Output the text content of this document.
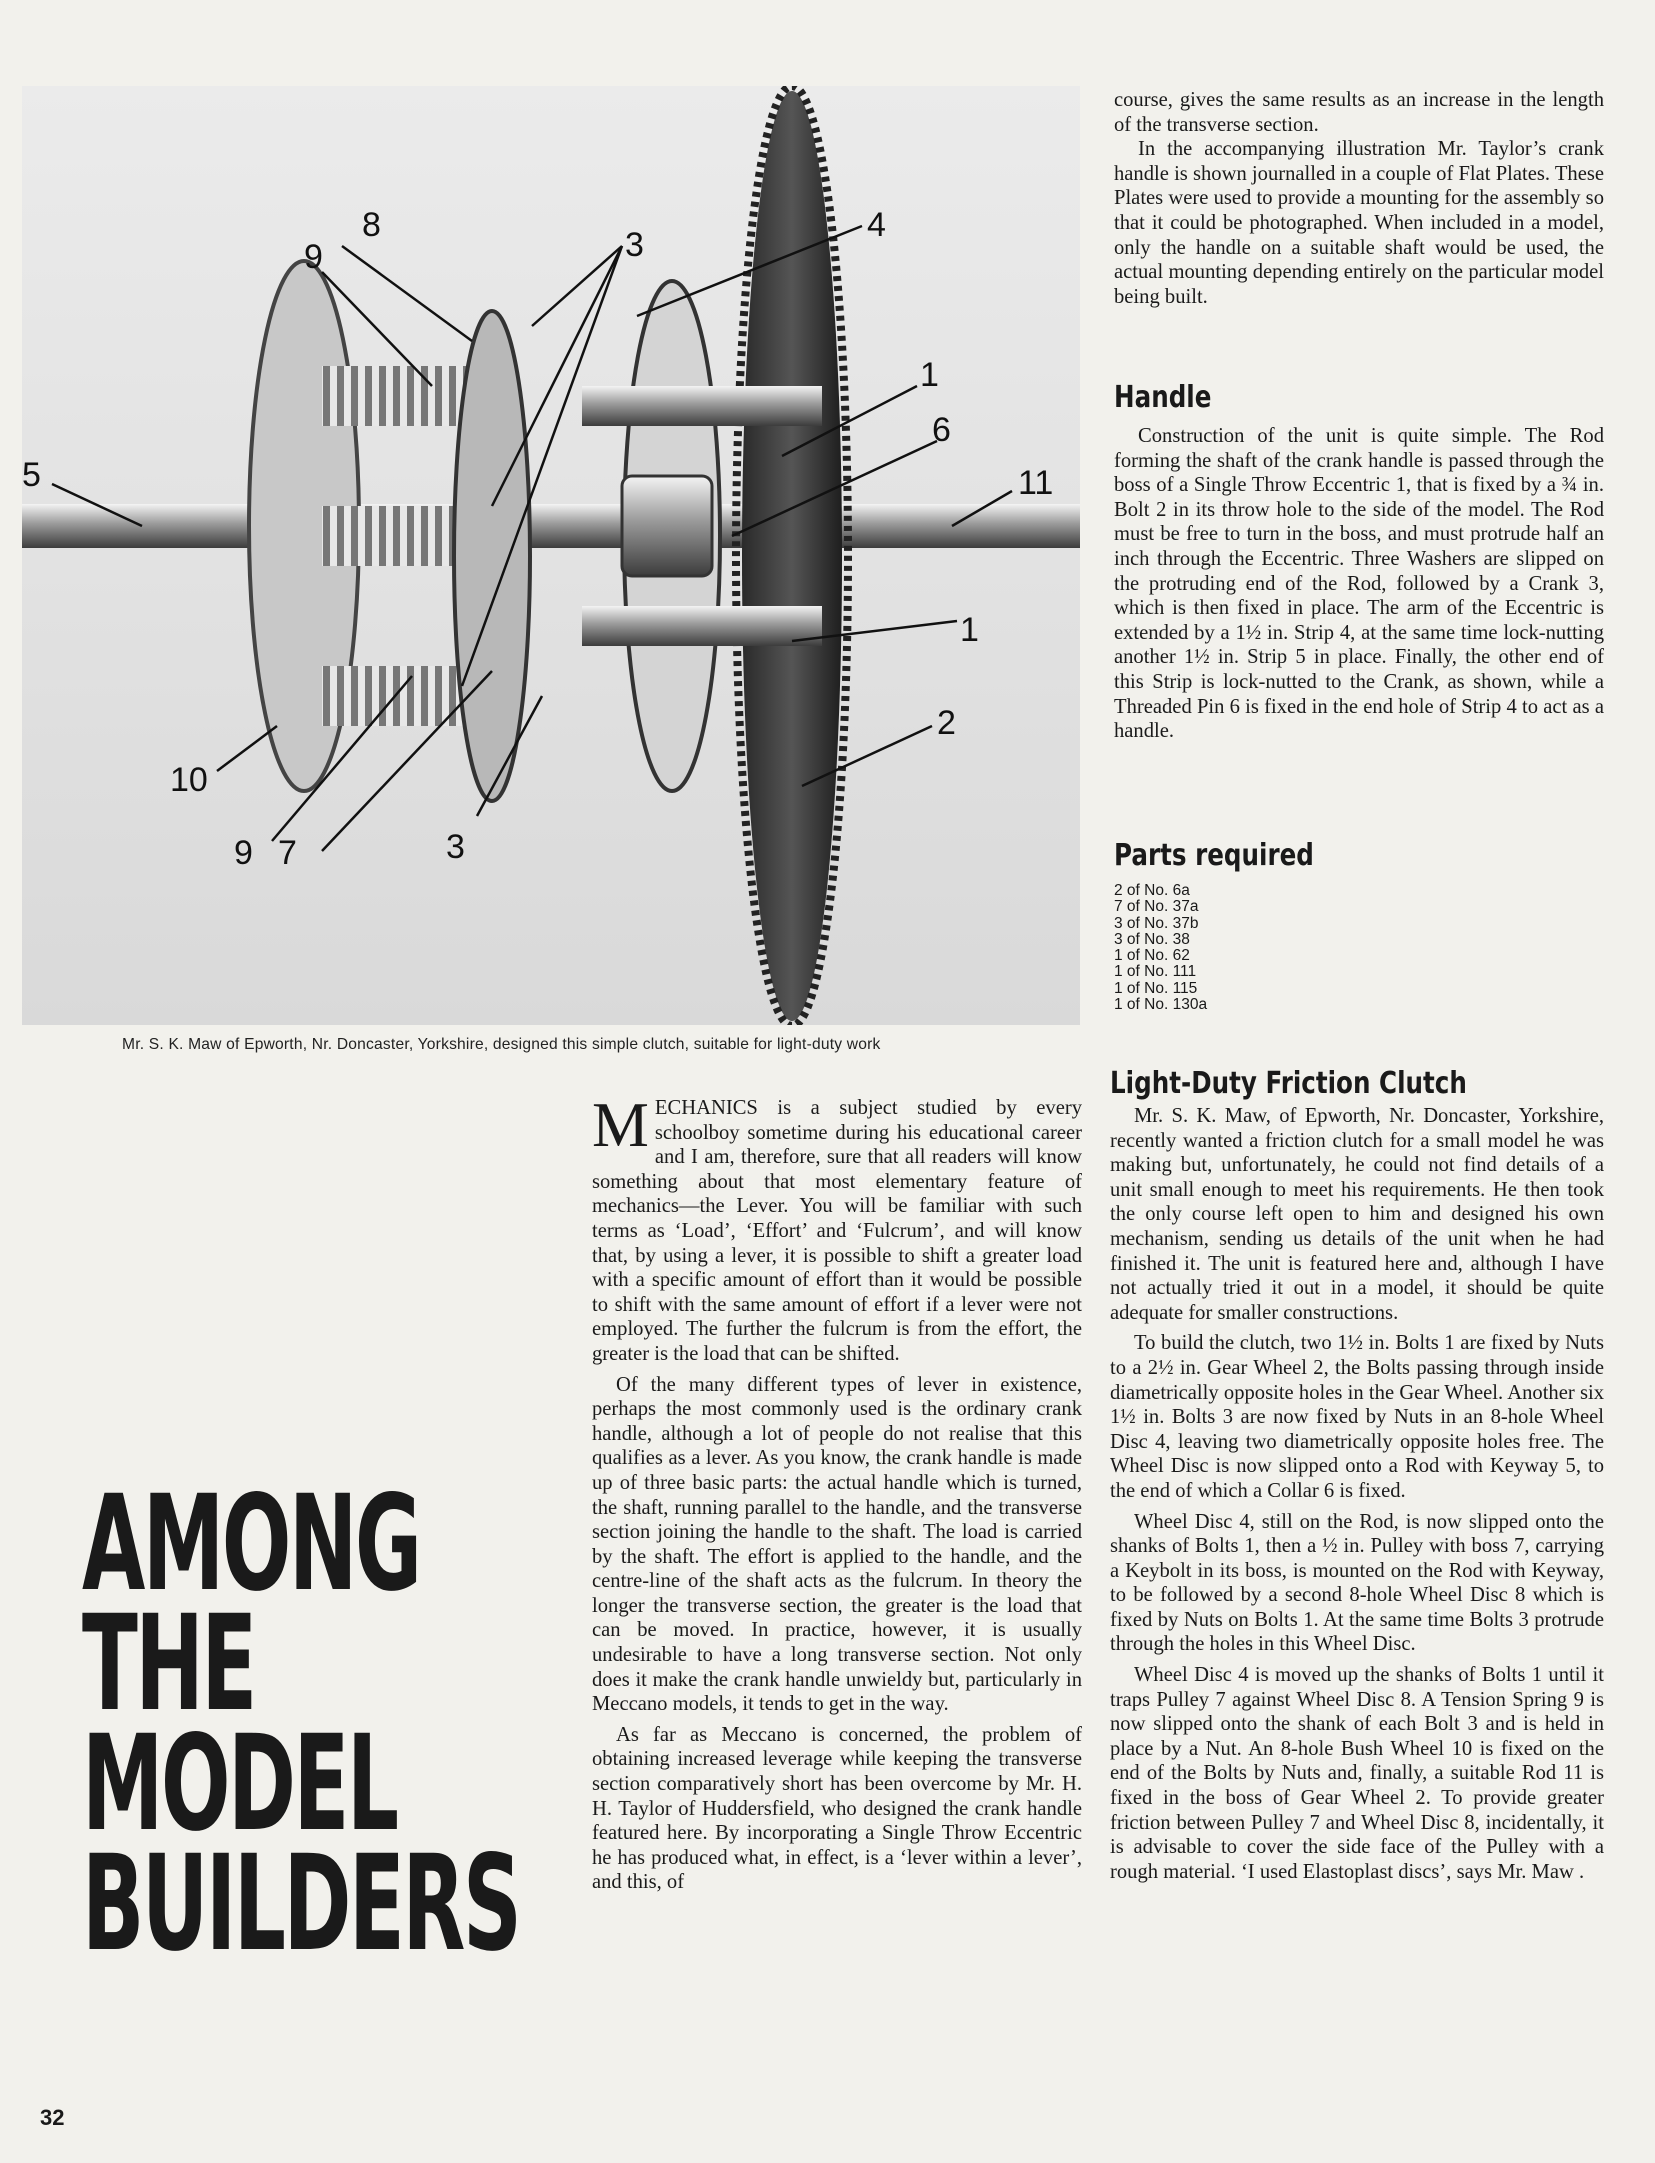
8
9	3
4
1
6
5	11
1
2
10
9 7	3
Mr. S. K. Maw of Epworth, Nr. Doncaster, Yorkshire, designed this simple clutch, suitable for light-duty work

course, gives the same results as an increase in the length of the transverse section.

In the accompanying illustration Mr. Taylor’s crank handle is shown journalled in a couple of Flat Plates. These Plates were used to provide a mounting for the assembly so that it could be photographed. When included in a model, only the handle on a suitable shaft would be used, the actual mounting depending entirely on the particular model being built.

Handle

Construction of the unit is quite simple. The Rod forming the shaft of the crank handle is passed through the boss of a Single Throw Eccentric 1, that is fixed by a ¾ in. Bolt 2 in its throw hole to the side of the model. The Rod must be free to turn in the boss, and must protrude half an inch through the Eccentric. Three Washers are slipped on the protruding end of the Rod, followed by a Crank 3, which is then fixed in place. The arm of the Eccentric is extended by a 1½ in. Strip 4, at the same time lock-nutting another 1½ in. Strip 5 in place. Finally, the other end of this Strip is lock-nutted to the Crank, as shown, while a Threaded Pin 6 is fixed in the end hole of Strip 4 to act as a handle.

Parts required
2 of No. 6a
7 of No. 37a
3 of No. 37b
3 of No. 38
1 of No. 62
1 of No. 111
1 of No. 115
1 of No. 130a

MECHANICS is a subject studied by every schoolboy sometime during his educational career and I am, therefore, sure that all readers will know something about that most elementary feature of mechanics—the Lever. You will be familiar with such terms as ‘Load’, ‘Effort’ and ‘Fulcrum’, and will know that, by using a lever, it is possible to shift a greater load with a specific amount of effort than it would be possible to shift with the same amount of effort if a lever were not employed. The further the fulcrum is from the effort, the greater is the load that can be shifted.

Of the many different types of lever in existence, perhaps the most commonly used is the ordinary crank handle, although a lot of people do not realise that this qualifies as a lever. As you know, the crank handle is made up of three basic parts: the actual handle which is turned, the shaft, running parallel to the handle, and the transverse section joining the handle to the shaft. The load is carried by the shaft. The effort is applied to the handle, and the centre-line of the shaft acts as the fulcrum. In theory the longer the transverse section, the greater is the load that can be moved. In practice, however, it is usually undesirable to have a long transverse section. Not only does it make the crank handle unwieldy but, particularly in Meccano models, it tends to get in the way.

As far as Meccano is concerned, the problem of obtaining increased leverage while keeping the transverse section comparatively short has been overcome by Mr. H. H. Taylor of Huddersfield, who designed the crank handle featured here. By incorporating a Single Throw Eccentric he has produced what, in effect, is a ‘lever within a lever’, and this, of

Light-Duty Friction Clutch

Mr. S. K. Maw, of Epworth, Nr. Doncaster, Yorkshire, recently wanted a friction clutch for a small model he was making but, unfortunately, he could not find details of a unit small enough to meet his requirements. He then took the only course left open to him and designed his own mechanism, sending us details of the unit when he had finished it. The unit is featured here and, although I have not actually tried it out in a model, it should be quite adequate for smaller constructions.

To build the clutch, two 1½ in. Bolts 1 are fixed by Nuts to a 2½ in. Gear Wheel 2, the Bolts passing through inside diametrically opposite holes in the Gear Wheel. Another six 1½ in. Bolts 3 are now fixed by Nuts in an 8-hole Wheel Disc 4, leaving two diametrically opposite holes free. The Wheel Disc is now slipped onto a Rod with Keyway 5, to the end of which a Collar 6 is fixed.

Wheel Disc 4, still on the Rod, is now slipped onto the shanks of Bolts 1, then a ½ in. Pulley with boss 7, carrying a Keybolt in its boss, is mounted on the Rod with Keyway, to be followed by a second 8-hole Wheel Disc 8 which is fixed by Nuts on Bolts 1. At the same time Bolts 3 protrude through the holes in this Wheel Disc.

Wheel Disc 4 is moved up the shanks of Bolts 1 until it traps Pulley 7 against Wheel Disc 8. A Tension Spring 9 is now slipped onto the shank of each Bolt 3 and is held in place by a Nut. An 8-hole Bush Wheel 10 is fixed on the end of the Bolts by Nuts and, finally, a suitable Rod 11 is fixed in the boss of Gear Wheel 2. To provide greater friction between Pulley 7 and Wheel Disc 8, incidentally, it is advisable to cover the side face of the Pulley with a rough material. ‘I used Elastoplast discs’, says Mr. Maw .

AMONG
THE
MODEL
BUILDERS
32
